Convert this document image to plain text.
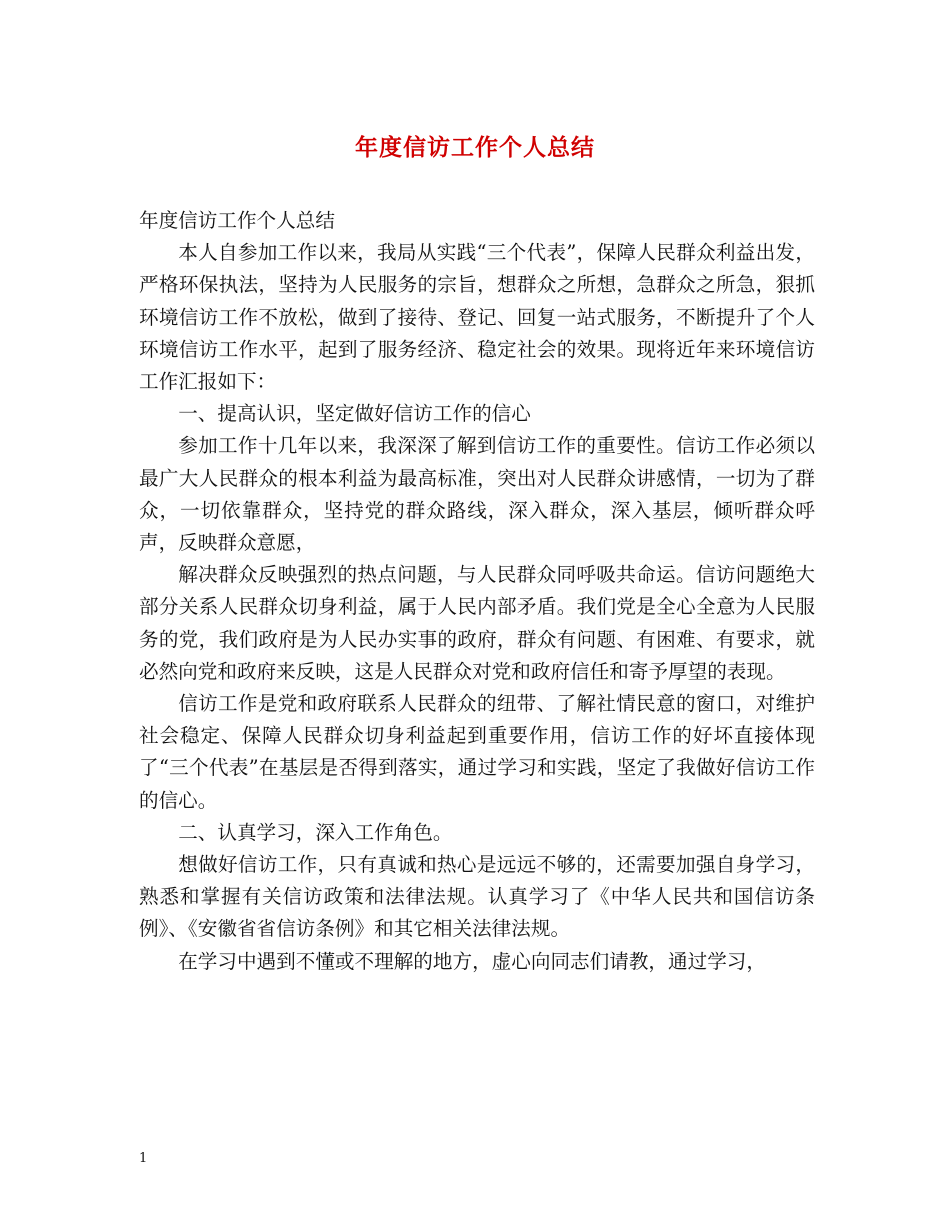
年度信访工作个人总结

年度信访工作个人总结

本人自参加工作以来，我局从实践“三个代表”，保障人民群众利益出发，严格环保执法，坚持为人民服务的宗旨，想群众之所想，急群众之所急，狠抓环境信访工作不放松，做到了接待、登记、回复一站式服务，不断提升了个人环境信访工作水平，起到了服务经济、稳定社会的效果。现将近年来环境信访工作汇报如下：

一、提高认识，坚定做好信访工作的信心

参加工作十几年以来，我深深了解到信访工作的重要性。信访工作必须以最广大人民群众的根本利益为最高标准，突出对人民群众讲感情，一切为了群众，一切依靠群众，坚持党的群众路线，深入群众，深入基层，倾听群众呼声，反映群众意愿，

解决群众反映强烈的热点问题，与人民群众同呼吸共命运。信访问题绝大部分关系人民群众切身利益，属于人民内部矛盾。我们党是全心全意为人民服务的党，我们政府是为人民办实事的政府，群众有问题、有困难、有要求，就必然向党和政府来反映，这是人民群众对党和政府信任和寄予厚望的表现。

信访工作是党和政府联系人民群众的纽带、了解社情民意的窗口，对维护社会稳定、保障人民群众切身利益起到重要作用，信访工作的好坏直接体现了“三个代表”在基层是否得到落实，通过学习和实践，坚定了我做好信访工作的信心。

二、认真学习，深入工作角色。

想做好信访工作，只有真诚和热心是远远不够的，还需要加强自身学习，熟悉和掌握有关信访政策和法律法规。认真学习了《中华人民共和国信访条例》、《安徽省省信访条例》和其它相关法律法规。

在学习中遇到不懂或不理解的地方，虚心向同志们请教，通过学习，

1
